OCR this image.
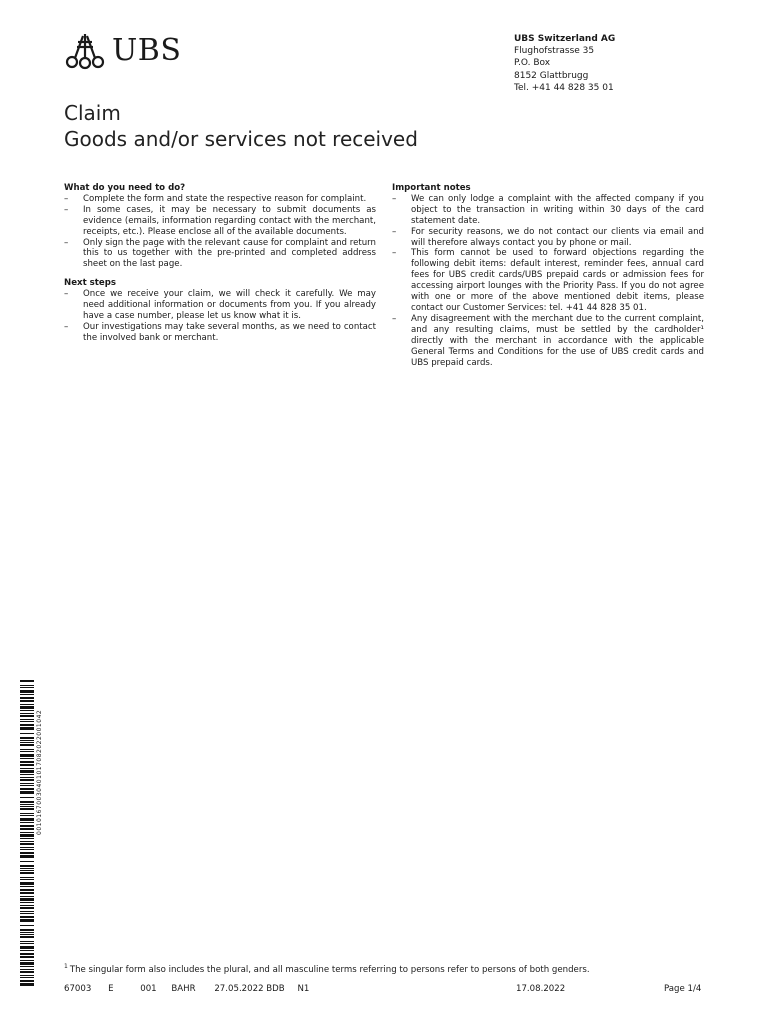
UBS	UBS Switzerland AG
Flughofstrasse 35
P.O. Box
8152 Glattbrugg
Tel. +41 44 828 35 01
Claim
Goods and/or services not received

What do you need to do?

– Complete the form and state the respective reason for complaint.
– In some cases, it may be necessary to submit documents as evidence (emails, information regarding contact with the merchant, receipts, etc.). Please enclose all of the available documents.
– Only sign the page with the relevant cause for complaint and return this to us together with the pre-printed and completed address sheet on the last page.

Next steps

– Once we receive your claim, we will check it carefully. We may need additional information or documents from you. If you already have a case number, please let us know what it is.
– Our investigations may take several months, as we need to contact the involved bank or merchant.

Important notes

– We can only lodge a complaint with the affected company if you object to the transaction in writing within 30 days of the card statement date.
– For security reasons, we do not contact our clients via email and will therefore always contact you by phone or mail.
– This form cannot be used to forward objections regarding the following debit items: default interest, reminder fees, annual card fees for UBS credit cards/UBS prepaid cards or admission fees for accessing airport lounges with the Priority Pass. If you do not agree with one or more of the above mentioned debit items, please contact our Customer Services: tel. +41 44 828 35 01.
– Any disagreement with the merchant due to the current complaint, and any resulting claims, must be settled by the cardholder¹ directly with the merchant in accordance with the applicable General Terms and Conditions for the use of UBS credit cards and UBS prepaid cards.
00101670030401017082022001042
$^1$ The singular form also includes the plural, and all masculine terms referring to persons refer to persons of both genders.
67003 E	001 BAHR 27.05.2022 BDB N1	17.08.2022	Page 1/4
